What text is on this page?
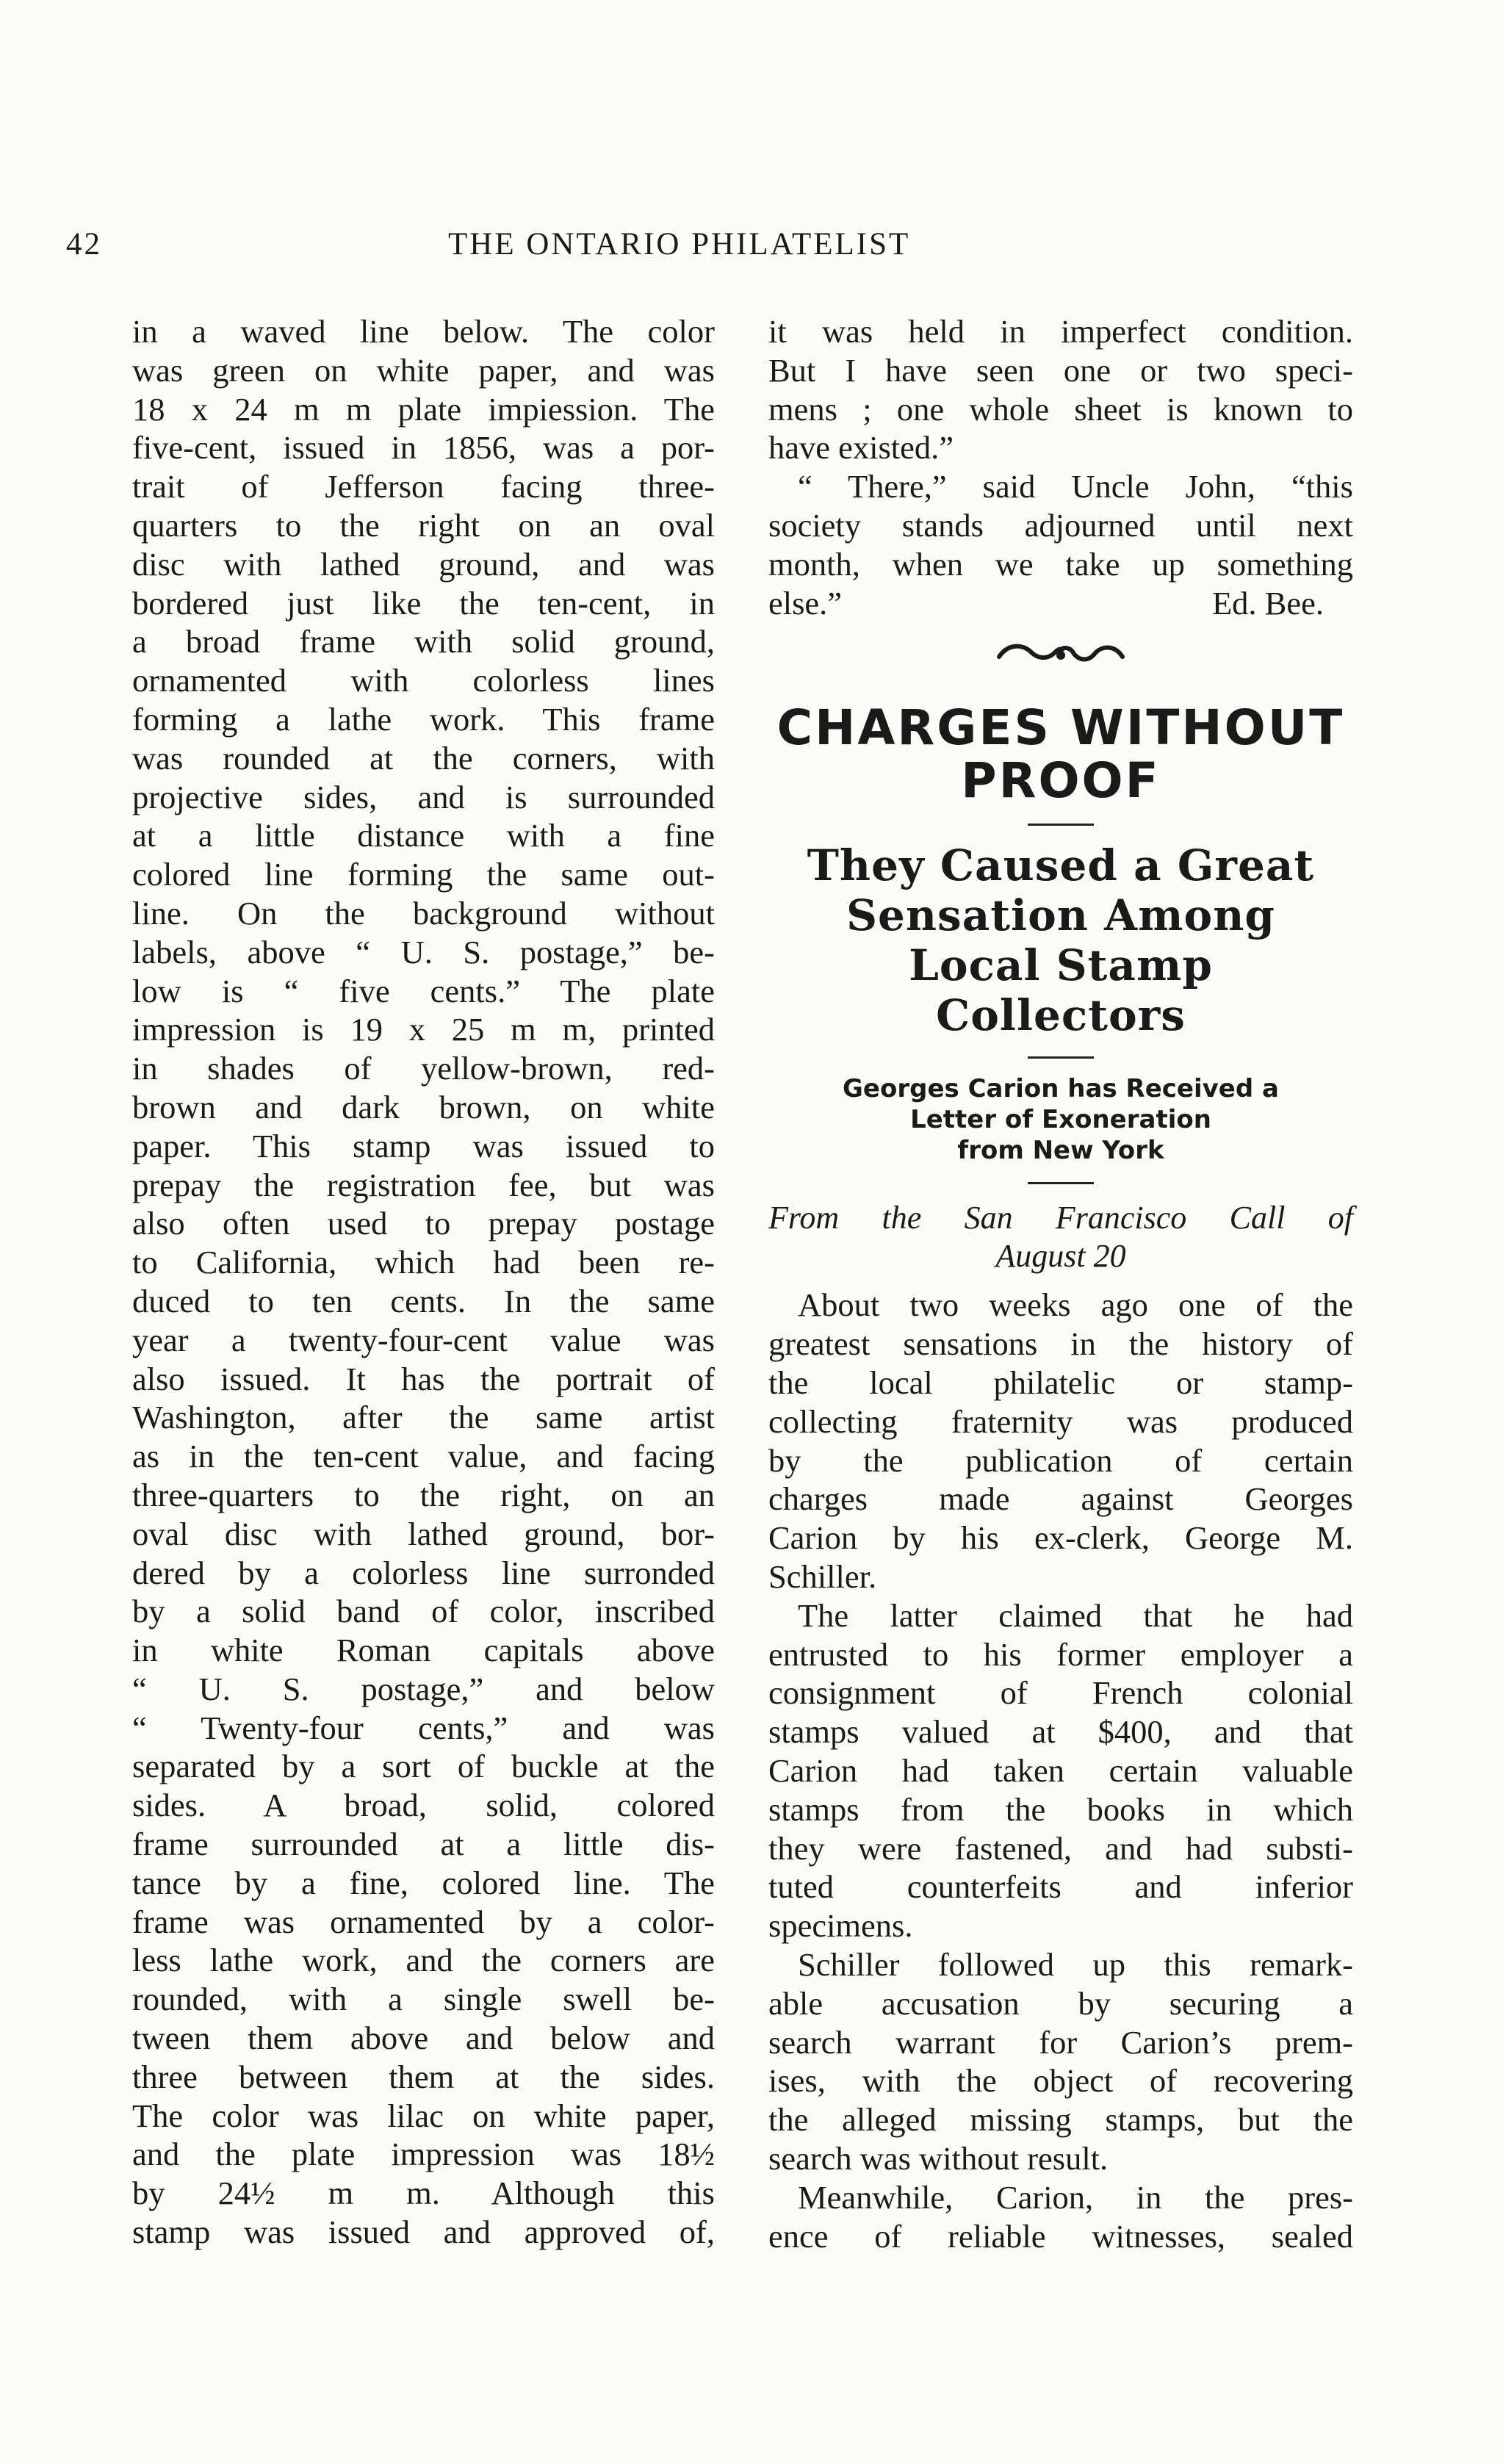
42	THE ONTARIO PHILATELIST
in a waved line below. The color
was green on white paper, and was
18 x 24 m m plate impiession. The
five-cent, issued in 1856, was a por-
trait of Jefferson facing three-
quarters to the right on an oval
disc with lathed ground, and was
bordered just like the ten-cent, in
a broad frame with solid ground,
ornamented with colorless lines
forming a lathe work. This frame
was rounded at the corners, with
projective sides, and is surrounded
at a little distance with a fine
colored line forming the same out-
line. On the background without
labels, above “ U. S. postage,” be-
low is “ five cents.” The plate
impression is 19 x 25 m m, printed
in shades of yellow-brown, red-
brown and dark brown, on white
paper. This stamp was issued to
prepay the registration fee, but was
also often used to prepay postage
to California, which had been re-
duced to ten cents. In the same
year a twenty-four-cent value was
also issued. It has the portrait of
Washington, after the same artist
as in the ten-cent value, and facing
three-quarters to the right, on an
oval disc with lathed ground, bor-
dered by a colorless line surronded
by a solid band of color, inscribed
in white Roman capitals above
“ U. S. postage,” and below
“ Twenty-four cents,” and was
separated by a sort of buckle at the
sides. A broad, solid, colored
frame surrounded at a little dis-
tance by a fine, colored line. The
frame was ornamented by a color-
less lathe work, and the corners are
rounded, with a single swell be-
tween them above and below and
three between them at the sides.
The color was lilac on white paper,
and the plate impression was 18½
by 24½ m m. Although this
stamp was issued and approved of,
it was held in imperfect condition.
But I have seen one or two speci-
mens ; one whole sheet is known to
have existed.”
“ There,” said Uncle John, “this
society stands adjourned until next
month, when we take up something
else.”	Ed. Bee.
CHARGES WITHOUT
PROOF
They Caused a Great
Sensation Among
Local Stamp
Collectors
Georges Carion has Received a
Letter of Exoneration
from New York
From the San Francisco Call of
August 20
About two weeks ago one of the
greatest sensations in the history of
the local philatelic or stamp-
collecting fraternity was produced
by the publication of certain
charges made against Georges
Carion by his ex-clerk, George M.
Schiller.
The latter claimed that he had
entrusted to his former employer a
consignment of French colonial
stamps valued at $400, and that
Carion had taken certain valuable
stamps from the books in which
they were fastened, and had substi-
tuted counterfeits and inferior
specimens.
Schiller followed up this remark-
able accusation by securing a
search warrant for Carion’s prem-
ises, with the object of recovering
the alleged missing stamps, but the
search was without result.
Meanwhile, Carion, in the pres-
ence of reliable witnesses, sealed
